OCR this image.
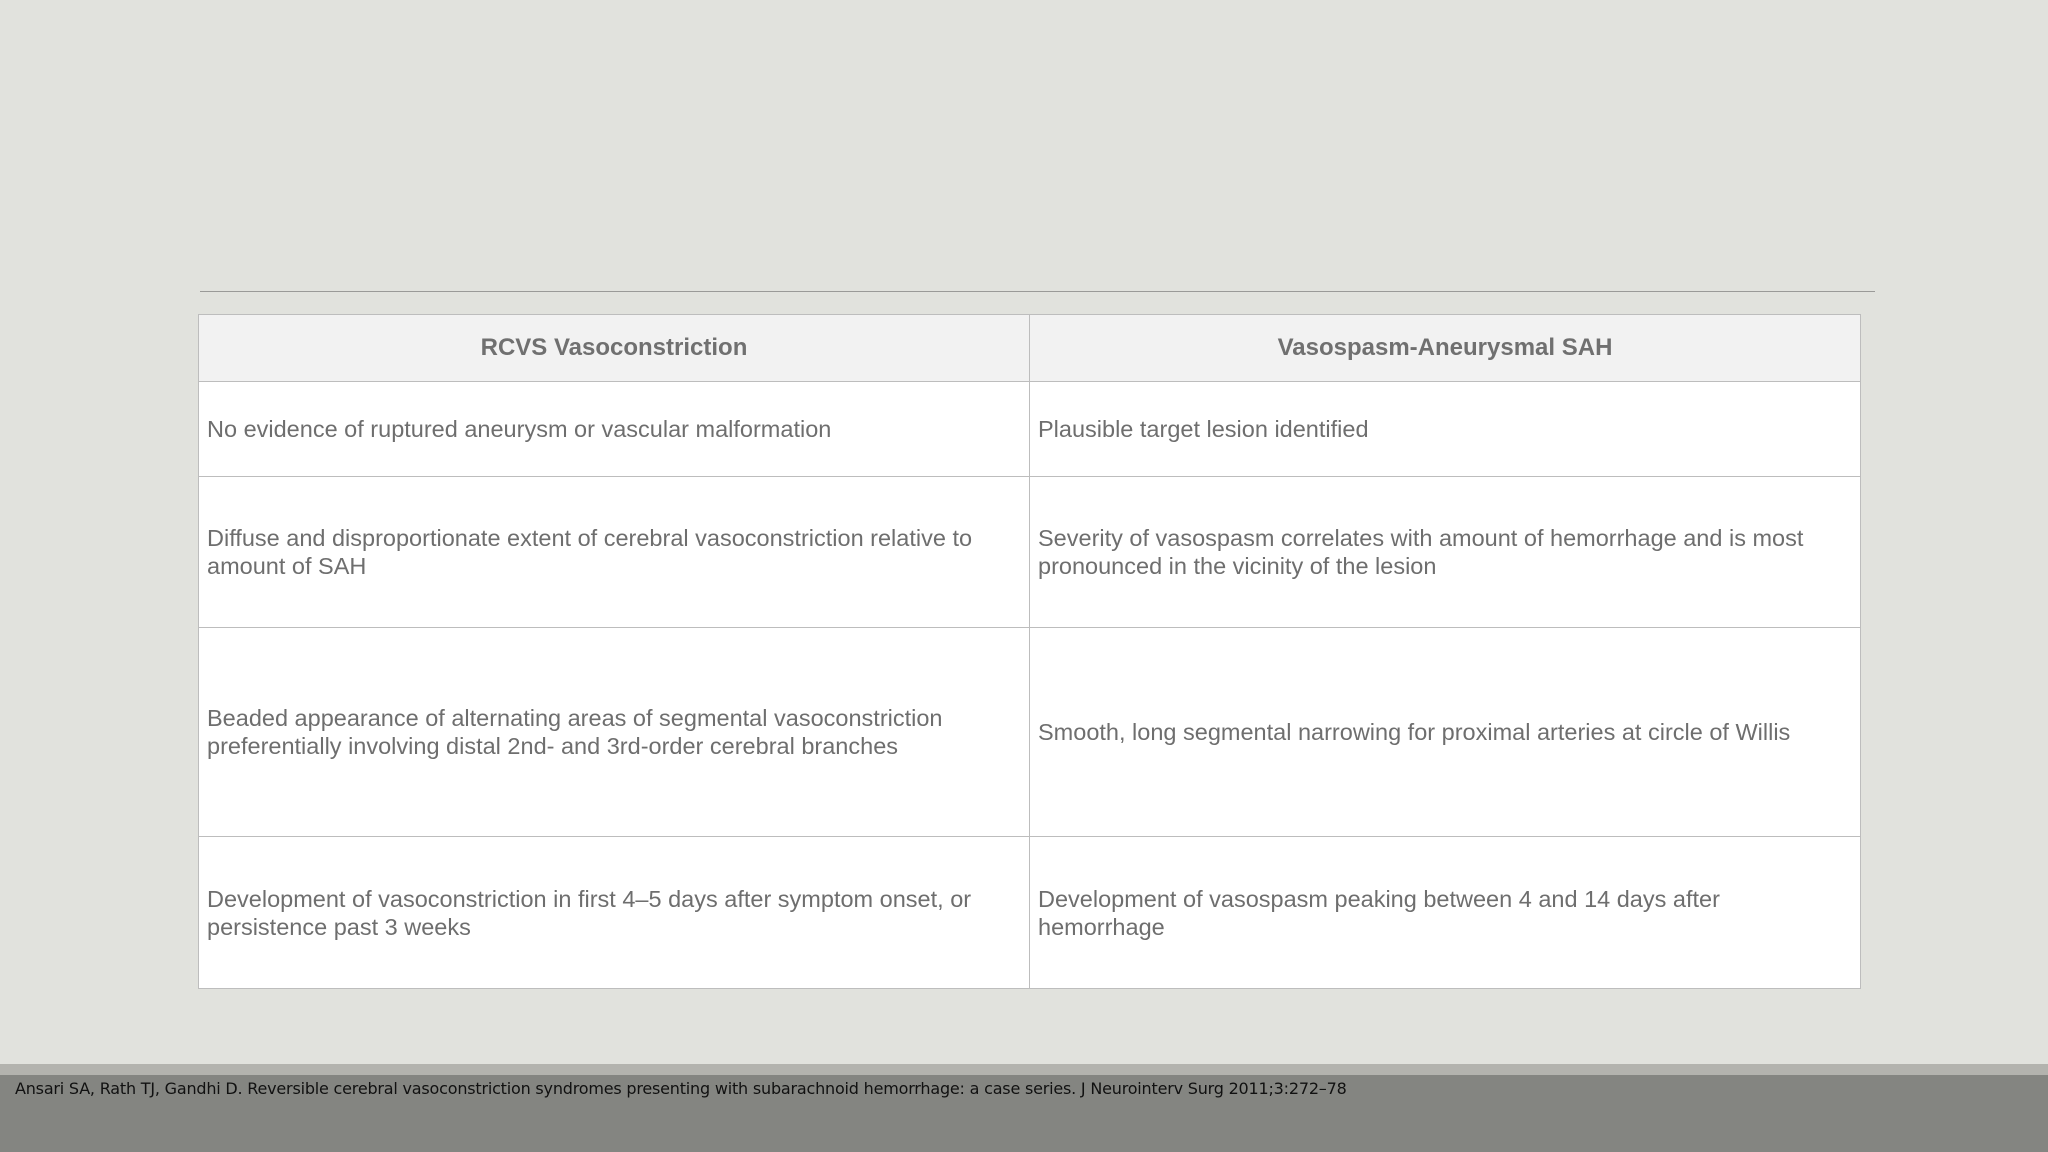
RCVS Vasoconstriction	Vasospasm-Aneurysmal SAH
No evidence of ruptured aneurysm or vascular malformation	Plausible target lesion identified
Diffuse and disproportionate extent of cerebral vasoconstriction relative to amount of SAH	Severity of vasospasm correlates with amount of hemorrhage and is most pronounced in the vicinity of the lesion
Beaded appearance of alternating areas of segmental vasoconstriction preferentially involving distal 2nd- and 3rd-order cerebral branches	Smooth, long segmental narrowing for proximal arteries at circle of Willis
Development of vasoconstriction in first 4–5 days after symptom onset, or persistence past 3 weeks	Development of vasospasm peaking between 4 and 14 days after hemorrhage
Ansari SA, Rath TJ, Gandhi D. Reversible cerebral vasoconstriction syndromes presenting with subarachnoid hemorrhage: a case series. J Neurointerv Surg 2011;3:272–78
